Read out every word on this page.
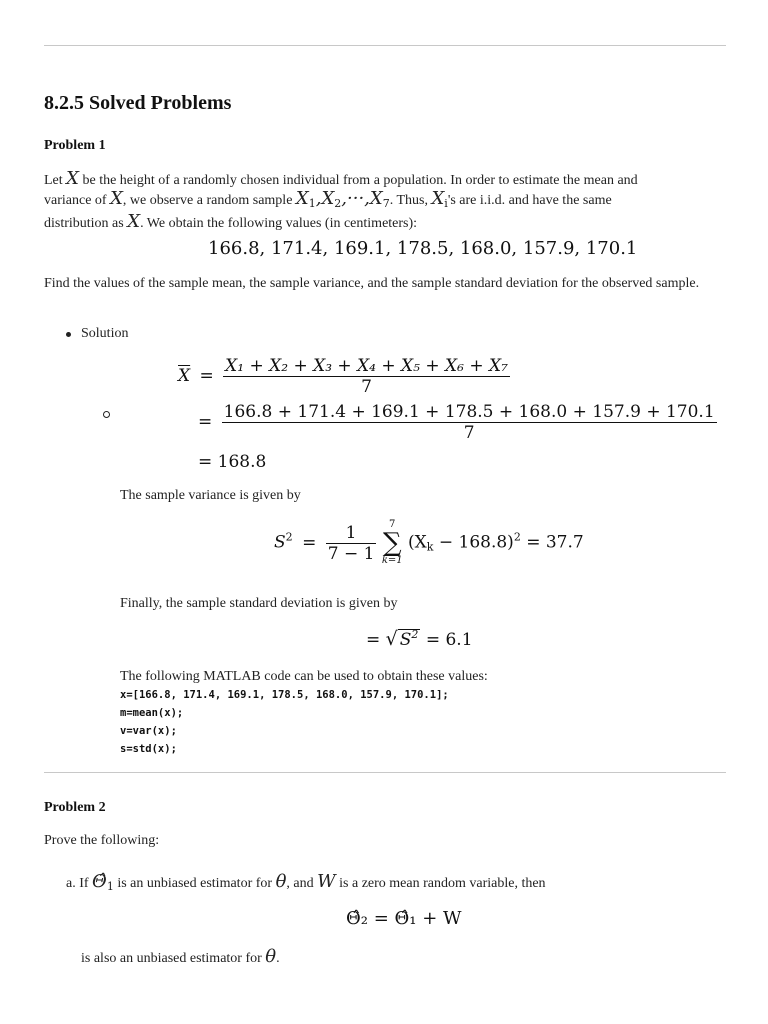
8.2.5 Solved Problems
Problem 1
Let X be the height of a randomly chosen individual from a population. In order to estimate the mean and
variance of X, we observe a random sample $X_1,X_2,\cdot\cdot\cdot,X_7$. Thus, $X_i's$ are i.i.d. and have the same
distribution as X. We obtain the following values (in centimeters):
166.8, 171.4, 169.1, 178.5, 168.0, 157.9, 170.1
Find the values of the sample mean, the sample variance, and the sample standard deviation for the observed sample.
Solution
$\overline{X} = \frac{\text{X₁ + X₂ + X₃ + X₄ + X₅ + X₆ + X₇}}{7}$
= $\frac{166.8 + 171.4 + 169.1 + 178.5 + 168.0 + 157.9 + 170.1}{7}$
= 168.8
The sample variance is given by
$S^2 = \frac{1}{7 - 1}$
	7
∑
k=1
$(X_k - 168.8)^2 = 37.7$
Finally, the sample standard deviation is given by
= √ $S^2 = 6.1$
The following MATLAB code can be used to obtain these values:
x=[166.8, 171.4, 169.1, 178.5, 168.0, 157.9, 170.1];
m=mean(x);
v=var(x);
s=std(x);
Problem 2
Prove the following:
a. If $\Thetâ_1$ is an unbiased estimator for θ, and W is a zero mean random variable, then
Θ̂₂ = Θ̂₁ + W
is also an unbiased estimator for θ.
